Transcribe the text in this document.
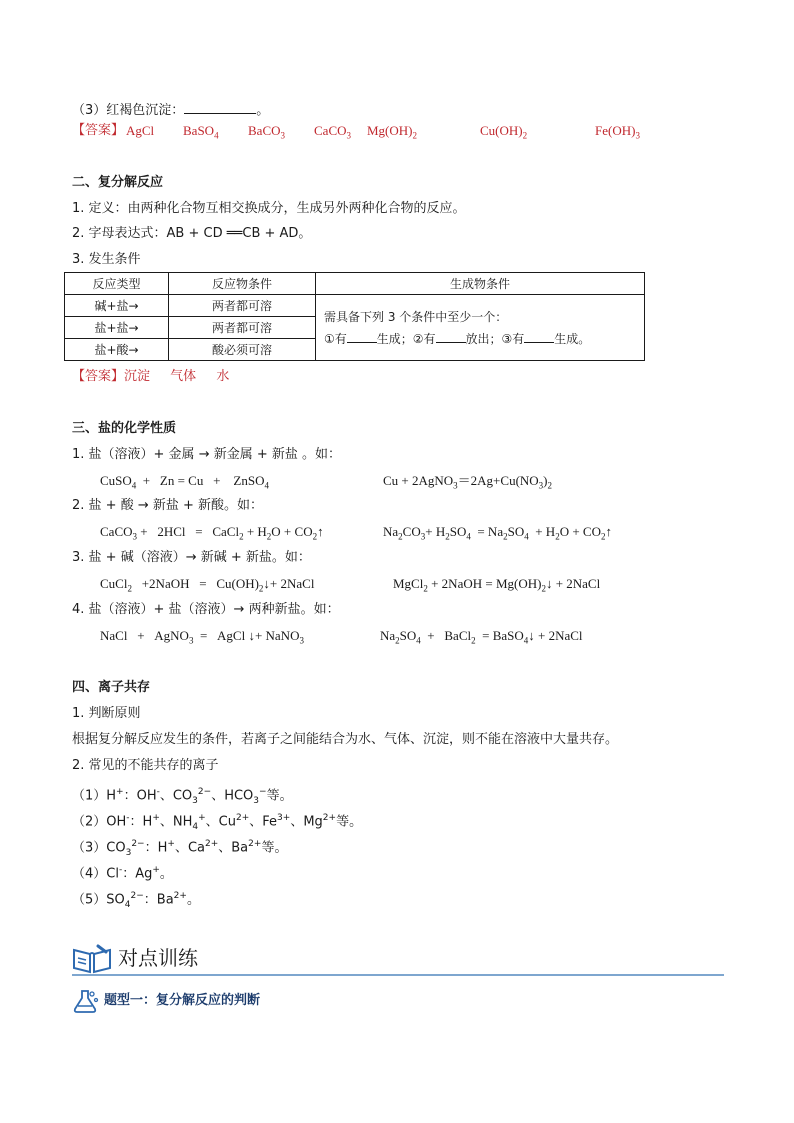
（3）红褐色沉淀：	。
【答案】 AgCl BaSO$_4$ BaCO$_3$ CaCO$_3$ $Mg(OH)_2$	$Cu(OH)_2$	$Fe(OH)_3$
二、复分解反应
1. 定义：由两种化合物互相交换成分，生成另外两种化合物的反应。
2. 字母表达式：AB + CD ══CB + AD。
3. 发生条件
反应类型	反应物条件	生成物条件
碱+盐→	两者都可溶	需具备下列 3 个条件中至少一个：
①有 生成；②有 放出；③有 生成。

盐+盐→	两者都可溶	
盐+酸→	酸必须可溶	
【答案】沉淀 气体 水
三、盐的化学性质
1. 盐（溶液）+ 金属 → 新金属 + 新盐 。如：
CuSO$_4$  +   Zn = Cu   +    ZnSO$_4$	$Cu + 2AgNO_3=2Ag+Cu(NO_3)_2$
2. 盐 + 酸 → 新盐 + 新酸。如：
CaCO$_3$ +   2HCl   =   CaCl$_2$ + $H_2O$ + $CO_2↑$	$Na_2CO_3+ H_2SO_4 = Na_2SO_4 + H_2O$ + $CO_2↑$
3. 盐 + 碱（溶液）→ 新碱 + 新盐。如：
CuCl$_2$   +2NaOH   =   $Cu(OH)_2↓+$ 2NaCl	MgCl$_2$ + 2NaOH = $Mg(OH)_2↓$ + 2NaCl
4. 盐（溶液）+ 盐（溶液）→ 两种新盐。如：
NaCl   +   AgNO$_3$  =   AgCl ↓+ NaNO$_3$	$Na_2SO_4$  +   BaCl$_2$  = BaSO$_4$↓ + 2NaCl
四、离子共存
1. 判断原则
根据复分解反应发生的条件，若离子之间能结合为水、气体、沉淀，则不能在溶液中大量共存。
2. 常见的不能共存的离子
（1）H+：OH-、$CO_3^{2-}$、$HCO_3^-$等。
（2）OH-：H+、$NH_4^+$、$Cu^{2+}$、$Fe^{3+}$、$Mg^{2+}$等。
$(3)CO_3^{2-}$：H+、$Ca^{2+}$、$Ba^{2+}$等。
（4）Cl-：Ag+。
$(5)SO_4^{2-}$：$Ba^{2+}$。
对点训练
题型一：复分解反应的判断
